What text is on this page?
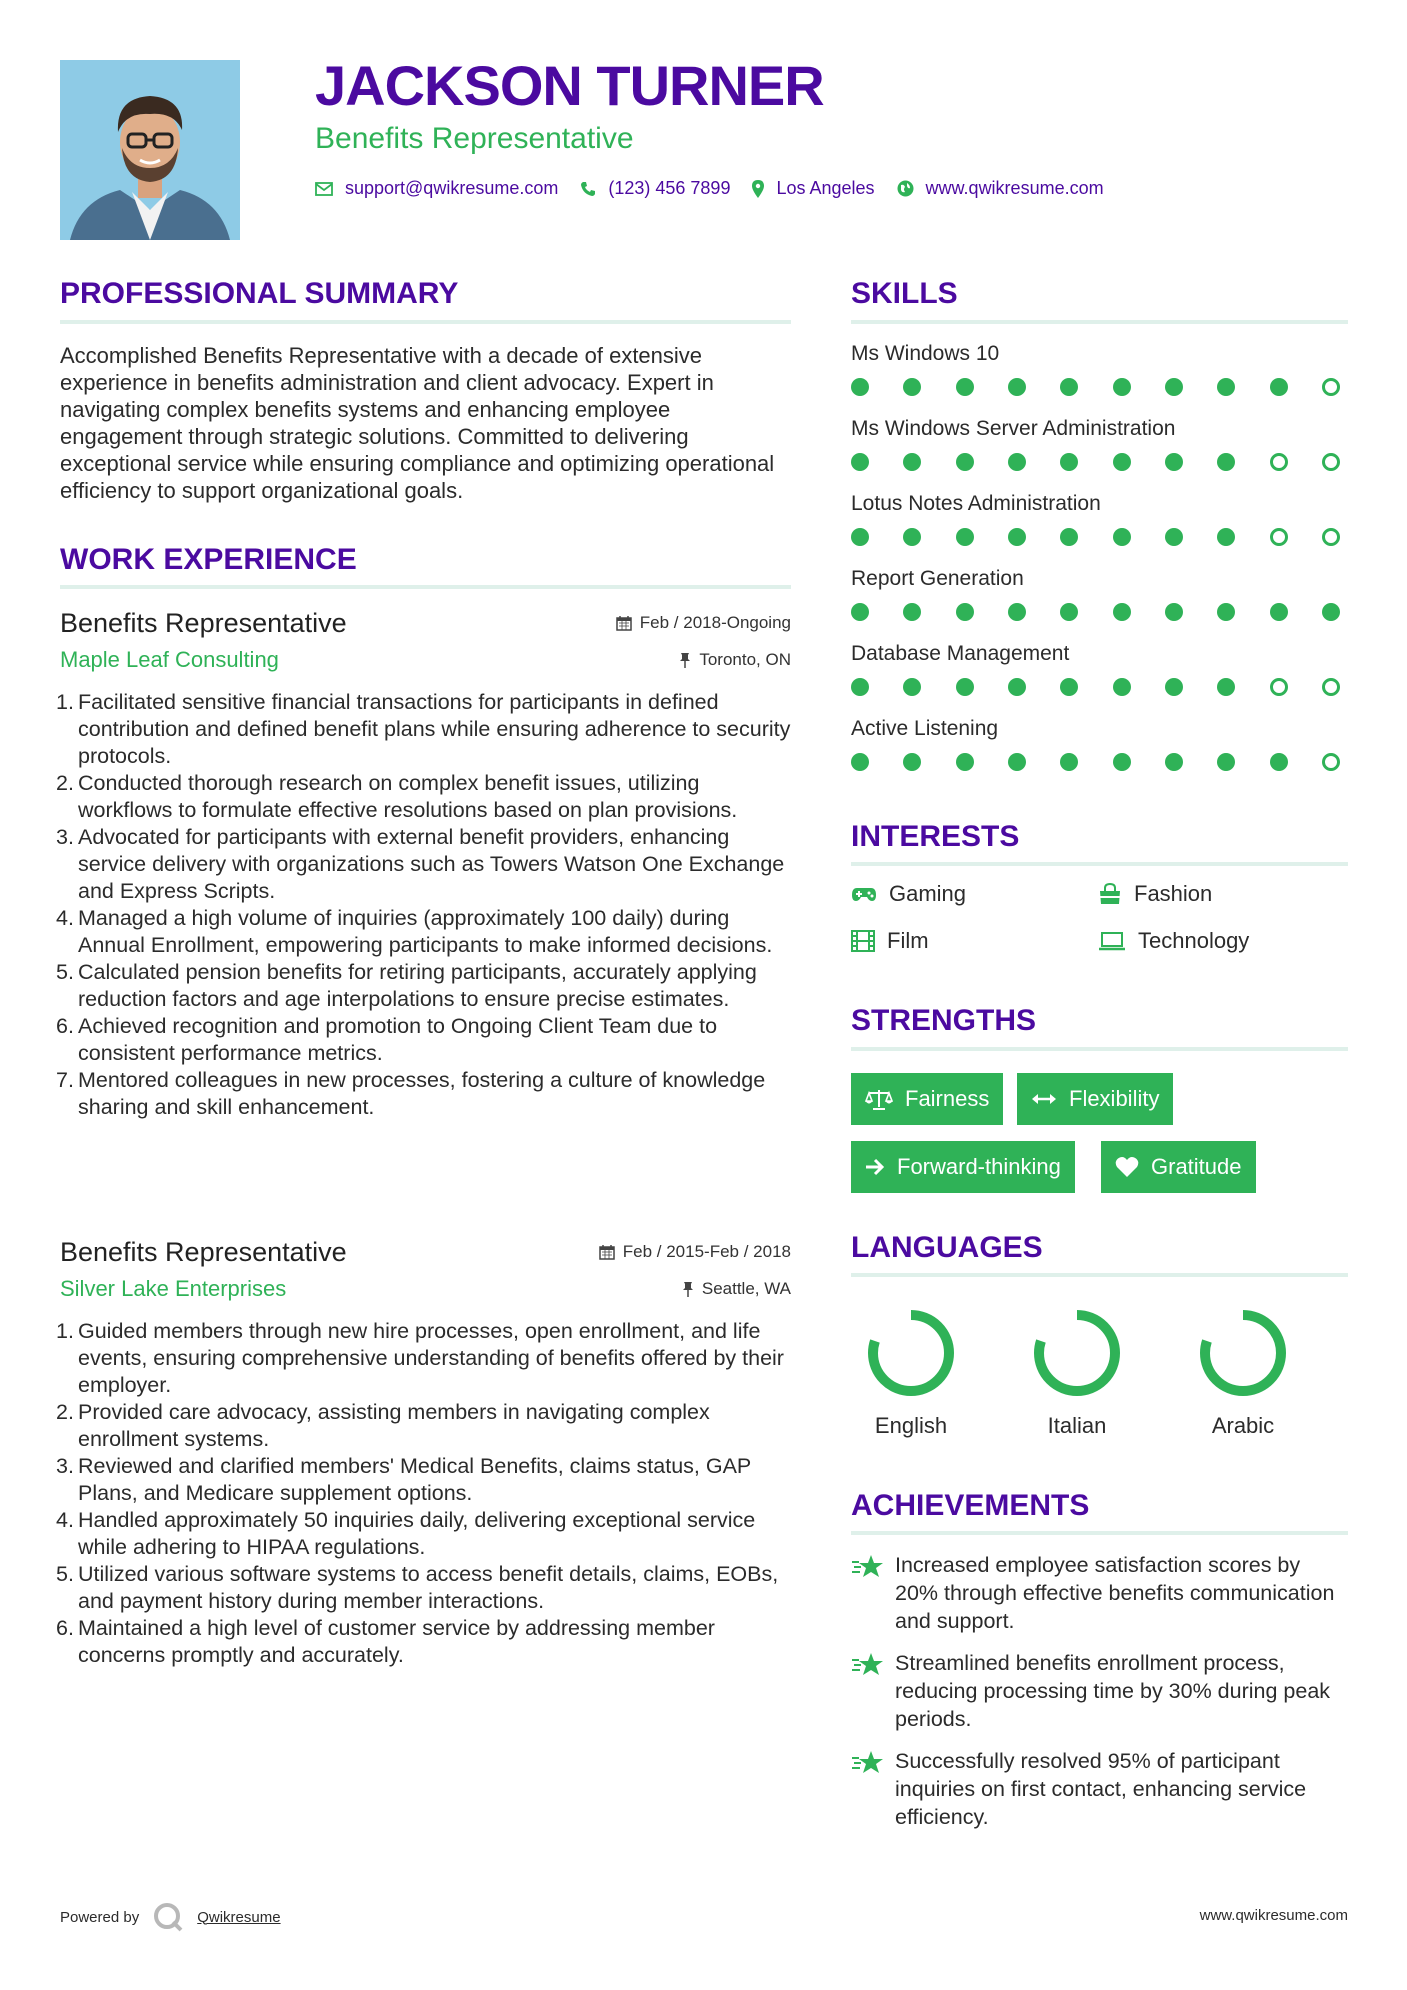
JACKSON TURNER
Benefits Representative
support@qwikresume.com	(123) 456 7899	Los Angeles	www.qwikresume.com
PROFESSIONAL SUMMARY
Accomplished Benefits Representative with a decade of extensive experience in benefits administration and client advocacy. Expert in navigating complex benefits systems and enhancing employee engagement through strategic solutions. Committed to delivering exceptional service while ensuring compliance and optimizing operational efficiency to support organizational goals.
WORK EXPERIENCE
Benefits Representative	Feb / 2018-Ongoing
Maple Leaf Consulting	Toronto, ON
1. Facilitated sensitive financial transactions for participants in defined contribution and defined benefit plans while ensuring adherence to security protocols.
2. Conducted thorough research on complex benefit issues, utilizing workflows to formulate effective resolutions based on plan provisions.
3. Advocated for participants with external benefit providers, enhancing service delivery with organizations such as Towers Watson One Exchange and Express Scripts.
4. Managed a high volume of inquiries (approximately 100 daily) during Annual Enrollment, empowering participants to make informed decisions.
5. Calculated pension benefits for retiring participants, accurately applying reduction factors and age interpolations to ensure precise estimates.
6. Achieved recognition and promotion to Ongoing Client Team due to consistent performance metrics.
7. Mentored colleagues in new processes, fostering a culture of knowledge sharing and skill enhancement.
Benefits Representative	Feb / 2015-Feb / 2018
Silver Lake Enterprises	Seattle, WA
1. Guided members through new hire processes, open enrollment, and life events, ensuring comprehensive understanding of benefits offered by their employer.
2. Provided care advocacy, assisting members in navigating complex enrollment systems.
3. Reviewed and clarified members' Medical Benefits, claims status, GAP Plans, and Medicare supplement options.
4. Handled approximately 50 inquiries daily, delivering exceptional service while adhering to HIPAA regulations.
5. Utilized various software systems to access benefit details, claims, EOBs, and payment history during member interactions.
6. Maintained a high level of customer service by addressing member concerns promptly and accurately.
SKILLS
Ms Windows 10
Ms Windows Server Administration
Lotus Notes Administration
Report Generation
Database Management
Active Listening
INTERESTS
Gaming	Fashion
Film	Technology
STRENGTHS
Fairness	Flexibility
Forward-thinking	Gratitude
LANGUAGES
English	Italian	Arabic
ACHIEVEMENTS
Increased employee satisfaction scores by 20% through effective benefits communication and support.
Streamlined benefits enrollment process, reducing processing time by 30% during peak periods.
Successfully resolved 95% of participant inquiries on first contact, enhancing service efficiency.
Powered by	Qwikresume	www.qwikresume.com
